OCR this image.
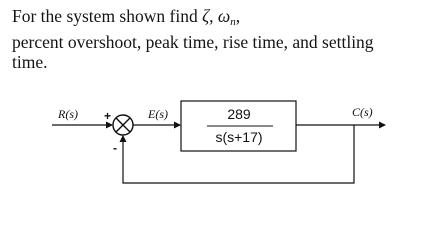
For the system shown find ζ, $\omega_n$,
percent overshoot, peak time, rise time, and settling
time.
R(s) +
-
E(s)	289
s(s+17)
C(s)
